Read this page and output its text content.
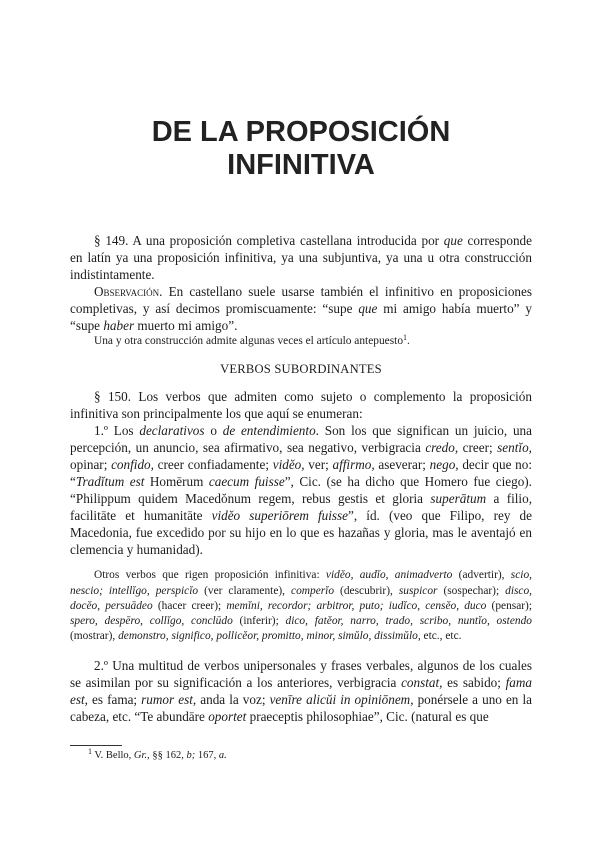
DE LA PROPOSICIÓN
INFINITIVA

§ 149. A una proposición completiva castellana introducida por que corresponde en latín ya una proposición infinitiva, ya una subjuntiva, ya una u otra construcción indistintamente.

Observación. En castellano suele usarse también el infinitivo en proposiciones completivas, y así decimos promiscuamente: “supe que mi amigo había muerto” y “supe haber muerto mi amigo”.

Una y otra construcción admite algunas veces el artículo antepuesto$^1$.

VERBOS SUBORDINANTES

§ 150. Los verbos que admiten como sujeto o complemento la proposición infinitiva son principalmente los que aquí se enumeran:

1.º Los declarativos o de entendimiento. Son los que significan un juicio, una percepción, un anuncio, sea afirmativo, sea negativo, verbigracia credo, creer; sentĭo, opinar; confido, creer confiadamente; vidĕo, ver; affirmo, aseverar; nego, decir que no: “Tradĭtum est Homērum caecum fuisse”, Cic. (se ha dicho que Homero fue ciego). “Philippum quidem Macedŏnum regem, rebus gestis et gloria superātum a filio, facilitāte et humanitāte vidĕo superiōrem fuisse”, íd. (veo que Filipo, rey de Macedonia, fue excedido por su hijo en lo que es hazañas y gloria, mas le aventajó en clemencia y humanidad).

Otros verbos que rigen proposición infinitiva: vidĕo, audĭo, animadverto (advertir), scio, nescio; intellĭgo, perspicĭo (ver claramente), comperĭo (descubrir), suspicor (sospechar); disco, docĕo, persuādeo (hacer creer); memĭni, recordor; arbitror, puto; iudĭco, censĕo, duco (pensar); spero, despēro, collĭgo, conclūdo (inferir); dico, fatĕor, narro, trado, scribo, nuntĭo, ostendo (mostrar), demonstro, significo, pollicĕor, promitto, minor, simŭlo, dissimŭlo, etc., etc.

2.º Una multitud de verbos unipersonales y frases verbales, algunos de los cuales se asimilan por su significación a los anteriores, verbigracia constat, es sabido; fama est, es fama; rumor est, anda la voz; venīre alicŭi in opiniōnem, ponérsele a uno en la cabeza, etc. “Te abundāre oportet praeceptis philosophiae”, Cic. (natural es que

$^1$ V. Bello, Gr., §§ 162, b; 167, a.
